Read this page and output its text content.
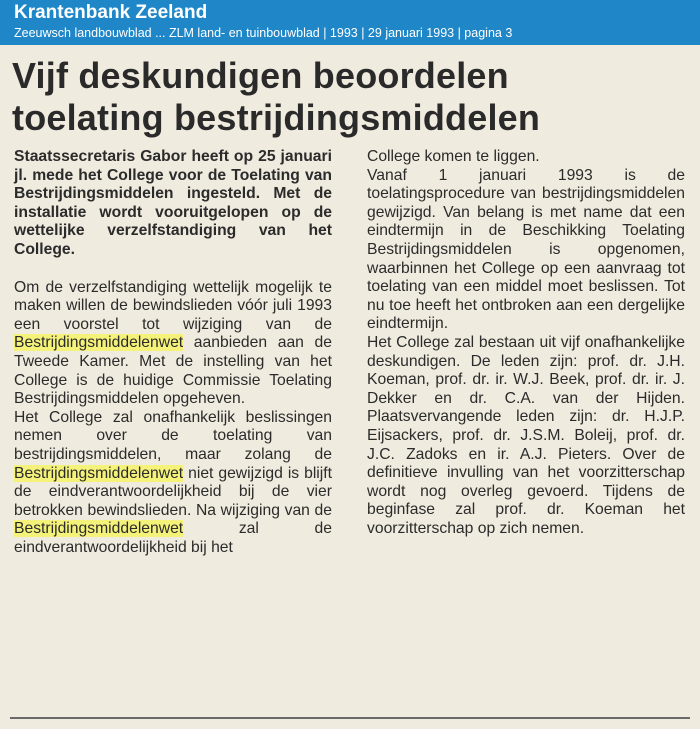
Krantenbank Zeeland
Zeeuwsch landbouwblad ... ZLM land- en tuinbouwblad | 1993 | 29 januari 1993 | pagina 3
Vijf deskundigen beoordelen
toelating bestrijdingsmiddelen

Staatssecretaris Gabor heeft op 25 januari jl. mede het College voor de Toelating van Bestrijdingsmiddelen ingesteld. Met de installatie wordt vooruitgelopen op de wettelijke verzelfstandiging van het College.

Om de verzelfstandiging wettelijk mogelijk te maken willen de bewindslieden vóór juli 1993 een voorstel tot wijziging van de Bestrijdingsmiddelenwet aanbieden aan de Tweede Kamer. Met de instelling van het College is de huidige Commissie Toelating Bestrijdingsmiddelen opgeheven.

Het College zal onafhankelijk beslissingen nemen over de toelating van bestrijdingsmiddelen, maar zolang de Bestrijdingsmiddelenwet niet gewijzigd is blijft de eindverantwoordelijkheid bij de vier betrokken bewindslieden. Na wijziging van de Bestrijdingsmiddelenwet zal de eindverantwoordelijkheid bij het

College komen te liggen.

Vanaf 1 januari 1993 is de toelatingsprocedure van bestrijdingsmiddelen gewijzigd. Van belang is met name dat een eindtermijn in de Beschikking Toelating Bestrijdingsmiddelen is opgenomen, waarbinnen het College op een aanvraag tot toelating van een middel moet beslissen. Tot nu toe heeft het ontbroken aan een dergelijke eindtermijn.

Het College zal bestaan uit vijf onafhankelijke deskundigen. De leden zijn: prof. dr. J.H. Koeman, prof. dr. ir. W.J. Beek, prof. dr. ir. J. Dekker en dr. C.A. van der Hijden. Plaatsvervangende leden zijn: dr. H.J.P. Eijsackers, prof. dr. J.S.M. Boleij, prof. dr. J.C. Zadoks en ir. A.J. Pieters. Over de definitieve invulling van het voorzitterschap wordt nog overleg gevoerd. Tijdens de beginfase zal prof. dr. Koeman het voorzitterschap op zich nemen.
